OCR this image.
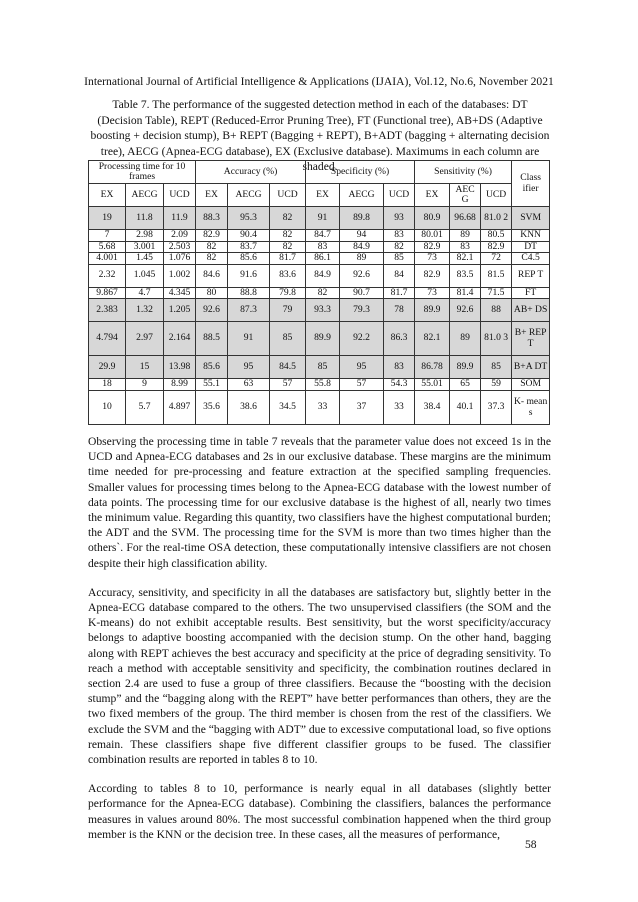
International Journal of Artificial Intelligence & Applications (IJAIA), Vol.12, No.6, November 2021
Table 7. The performance of the suggested detection method in each of the databases: DT (Decision Table), REPT (Reduced-Error Pruning Tree), FT (Functional tree), AB+DS (Adaptive boosting + decision stump), B+ REPT (Bagging + REPT), B+ADT (bagging + alternating decision tree), AECG (Apnea-ECG database), EX (Exclusive database). Maximums in each column are shaded.
Processing time for 10 frames			Accuracy (%)			Specificity (%)			Sensitivity (%)			Class ifier
EX	AECG	UCD	EX	AECG	UCD	EX	AECG	UCD	EX	AEC G	UCD	
19	11.8	11.9	88.3	95.3	82	91	89.8	93	80.9	96.68	81.0 2	SVM
7	2.98	2.09	82.9	90.4	82	84.7	94	83	80.01	89	80.5	KNN
5.68	3.001	2.503	82	83.7	82	83	84.9	82	82.9	83	82.9	DT
4.001	1.45	1.076	82	85.6	81.7	86.1	89	85	73	82.1	72	C4.5
2.32	1.045	1.002	84.6	91.6	83.6	84.9	92.6	84	82.9	83.5	81.5	REP T
9.867	4.7	4.345	80	88.8	79.8	82	90.7	81.7	73	81.4	71.5	FT
2.383	1.32	1.205	92.6	87.3	79	93.3	79.3	78	89.9	92.6	88	AB+ DS
4.794	2.97	2.164	88.5	91	85	89.9	92.2	86.3	82.1	89	81.0 3	B+ REP T
29.9	15	13.98	85.6	95	84.5	85	95	83	86.78	89.9	85	B+A DT
18	9	8.99	55.1	63	57	55.8	57	54.3	55.01	65	59	SOM
10	5.7	4.897	35.6	38.6	34.5	33	37	33	38.4	40.1	37.3	K- mean s

Observing the processing time in table 7 reveals that the parameter value does not exceed 1s in the UCD and Apnea-ECG databases and 2s in our exclusive database. These margins are the minimum time needed for pre-processing and feature extraction at the specified sampling frequencies. Smaller values for processing times belong to the Apnea-ECG database with the lowest number of data points. The processing time for our exclusive database is the highest of all, nearly two times the minimum value. Regarding this quantity, two classifiers have the highest computational burden; the ADT and the SVM. The processing time for the SVM is more than two times higher than the others`. For the real-time OSA detection, these computationally intensive classifiers are not chosen despite their high classification ability.

Accuracy, sensitivity, and specificity in all the databases are satisfactory but, slightly better in the Apnea-ECG database compared to the others. The two unsupervised classifiers (the SOM and the K-means) do not exhibit acceptable results. Best sensitivity, but the worst specificity/accuracy belongs to adaptive boosting accompanied with the decision stump. On the other hand, bagging along with REPT achieves the best accuracy and specificity at the price of degrading sensitivity. To reach a method with acceptable sensitivity and specificity, the combination routines declared in section 2.4 are used to fuse a group of three classifiers. Because the “boosting with the decision stump” and the “bagging along with the REPT” have better performances than others, they are the two fixed members of the group. The third member is chosen from the rest of the classifiers. We exclude the SVM and the “bagging with ADT” due to excessive computational load, so five options remain. These classifiers shape five different classifier groups to be fused. The classifier combination results are reported in tables 8 to 10.

According to tables 8 to 10, performance is nearly equal in all databases (slightly better performance for the Apnea-ECG database). Combining the classifiers, balances the performance measures in values around 80%. The most successful combination happened when the third group member is the KNN or the decision tree. In these cases, all the measures of performance,

58
